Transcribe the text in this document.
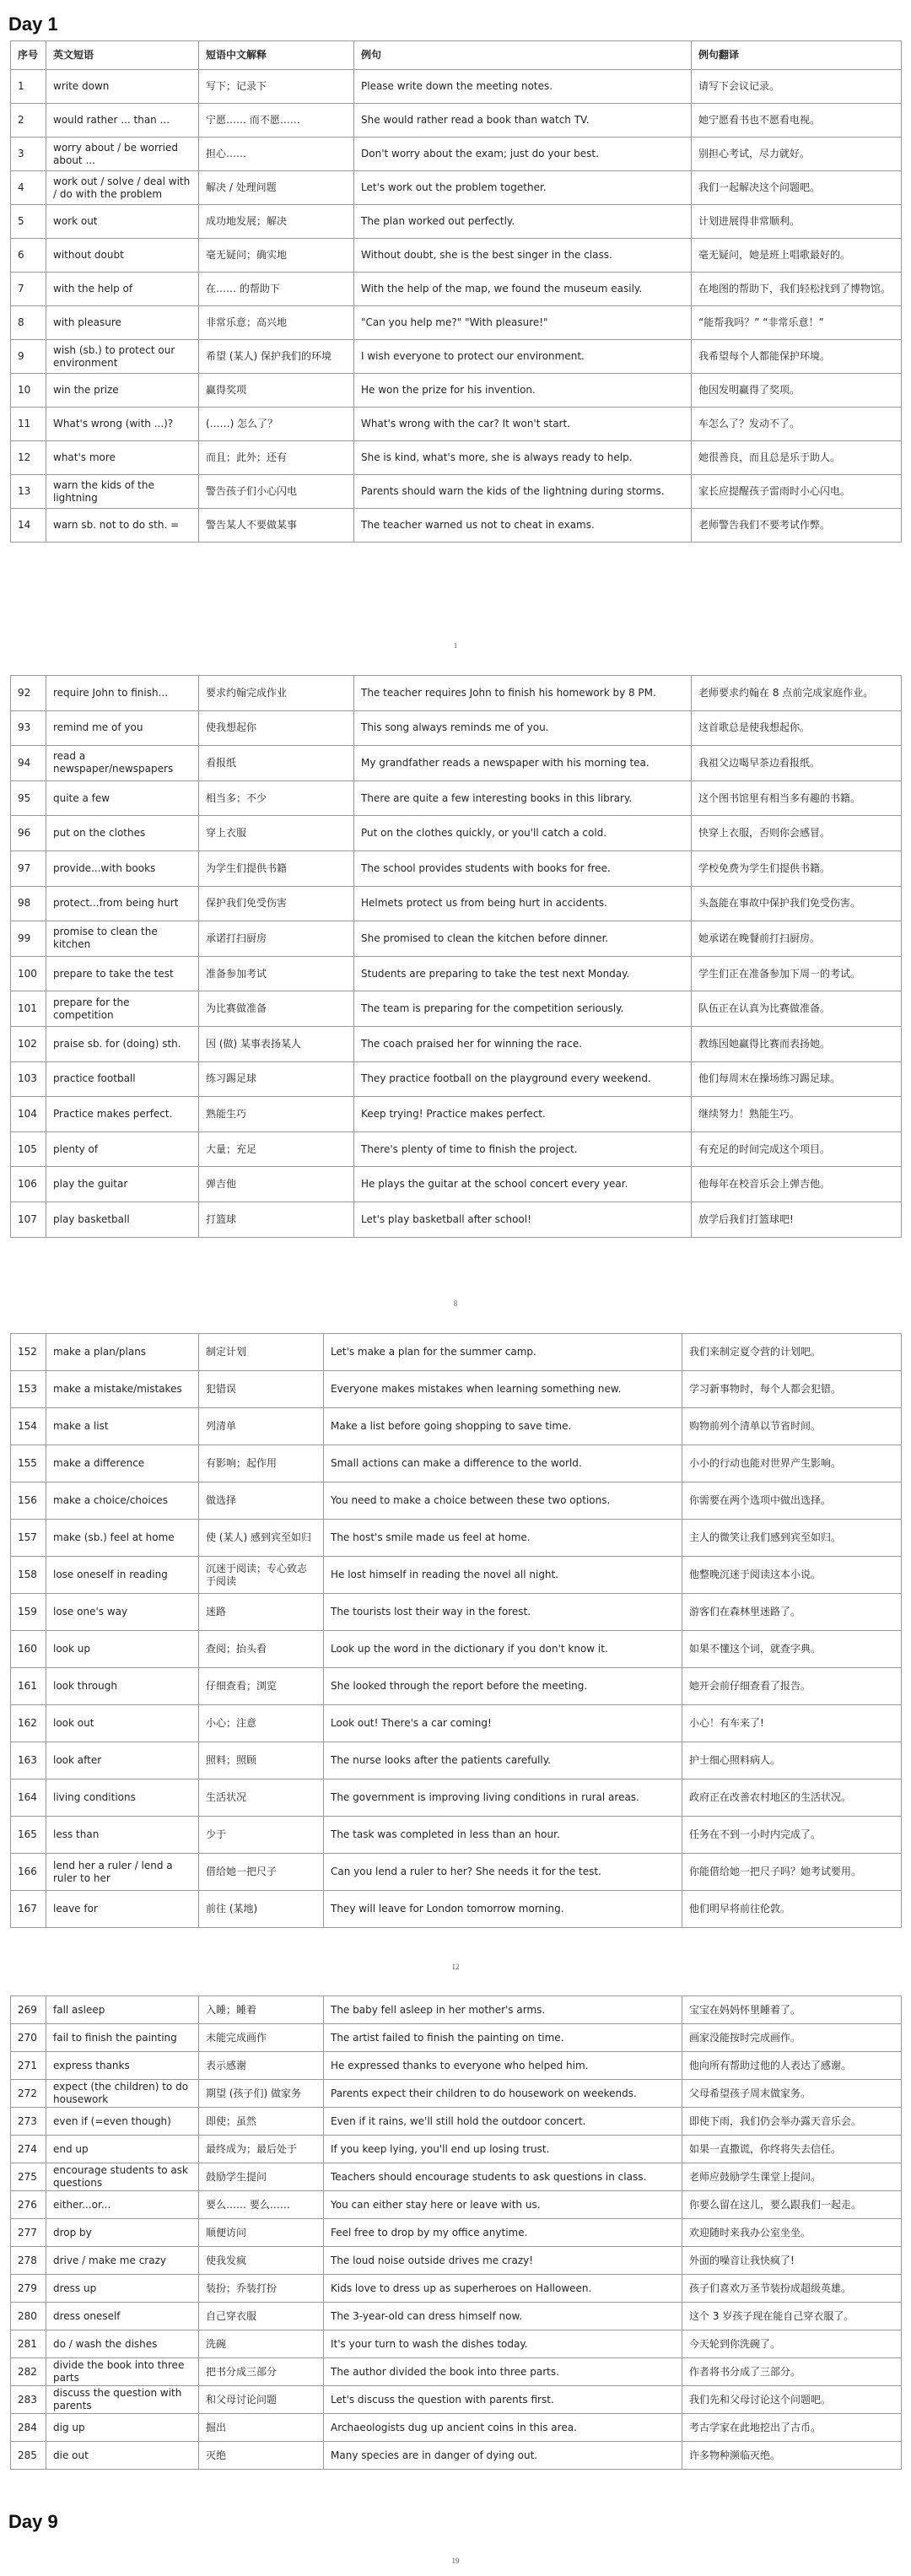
Day 1
序号	英文短语	短语中文解释	例句	例句翻译
1	write down	写下；记录下	Please write down the meeting notes.	请写下会议记录。
2	would rather ... than ...	宁愿…… 而不愿……	She would rather read a book than watch TV.	她宁愿看书也不愿看电视。
3	worry about / be worried about ...	担心……	Don't worry about the exam; just do your best.	别担心考试，尽力就好。
4	work out / solve / deal with / do with the problem	解决 / 处理问题	Let's work out the problem together.	我们一起解决这个问题吧。
5	work out	成功地发展；解决	The plan worked out perfectly.	计划进展得非常顺利。
6	without doubt	毫无疑问；确实地	Without doubt, she is the best singer in the class.	毫无疑问，她是班上唱歌最好的。
7	with the help of	在…… 的帮助下	With the help of the map, we found the museum easily.	在地图的帮助下，我们轻松找到了博物馆。
8	with pleasure	非常乐意；高兴地	"Can you help me?" "With pleasure!"	“能帮我吗？” “非常乐意！”
9	wish (sb.) to protect our environment	希望 (某人) 保护我们的环境	I wish everyone to protect our environment.	我希望每个人都能保护环境。
10	win the prize	赢得奖项	He won the prize for his invention.	他因发明赢得了奖项。
11	What's wrong (with ...)?	(……) 怎么了？	What's wrong with the car? It won't start.	车怎么了？发动不了。
12	what's more	而且；此外；还有	She is kind, what's more, she is always ready to help.	她很善良，而且总是乐于助人。
13	warn the kids of the lightning	警告孩子们小心闪电	Parents should warn the kids of the lightning during storms.	家长应提醒孩子雷雨时小心闪电。
14	warn sb. not to do sth. =	警告某人不要做某事	The teacher warned us not to cheat in exams.	老师警告我们不要考试作弊。
1
92	require John to finish...	要求约翰完成作业	The teacher requires John to finish his homework by 8 PM.	老师要求约翰在 8 点前完成家庭作业。
93	remind me of you	使我想起你	This song always reminds me of you.	这首歌总是使我想起你。
94	read a newspaper/newspapers	看报纸	My grandfather reads a newspaper with his morning tea.	我祖父边喝早茶边看报纸。
95	quite a few	相当多；不少	There are quite a few interesting books in this library.	这个图书馆里有相当多有趣的书籍。
96	put on the clothes	穿上衣服	Put on the clothes quickly, or you'll catch a cold.	快穿上衣服，否则你会感冒。
97	provide...with books	为学生们提供书籍	The school provides students with books for free.	学校免费为学生们提供书籍。
98	protect...from being hurt	保护我们免受伤害	Helmets protect us from being hurt in accidents.	头盔能在事故中保护我们免受伤害。
99	promise to clean the kitchen	承诺打扫厨房	She promised to clean the kitchen before dinner.	她承诺在晚餐前打扫厨房。
100	prepare to take the test	准备参加考试	Students are preparing to take the test next Monday.	学生们正在准备参加下周一的考试。
101	prepare for the competition	为比赛做准备	The team is preparing for the competition seriously.	队伍正在认真为比赛做准备。
102	praise sb. for (doing) sth.	因 (做) 某事表扬某人	The coach praised her for winning the race.	教练因她赢得比赛而表扬她。
103	practice football	练习踢足球	They practice football on the playground every weekend.	他们每周末在操场练习踢足球。
104	Practice makes perfect.	熟能生巧	Keep trying! Practice makes perfect.	继续努力！熟能生巧。
105	plenty of	大量；充足	There's plenty of time to finish the project.	有充足的时间完成这个项目。
106	play the guitar	弹吉他	He plays the guitar at the school concert every year.	他每年在校音乐会上弹吉他。
107	play basketball	打篮球	Let's play basketball after school!	放学后我们打篮球吧!
8
152	make a plan/plans	制定计划	Let's make a plan for the summer camp.	我们来制定夏令营的计划吧。
153	make a mistake/mistakes	犯错误	Everyone makes mistakes when learning something new.	学习新事物时，每个人都会犯错。
154	make a list	列清单	Make a list before going shopping to save time.	购物前列个清单以节省时间。
155	make a difference	有影响；起作用	Small actions can make a difference to the world.	小小的行动也能对世界产生影响。
156	make a choice/choices	做选择	You need to make a choice between these two options.	你需要在两个选项中做出选择。
157	make (sb.) feel at home	使 (某人) 感到宾至如归	The host's smile made us feel at home.	主人的微笑让我们感到宾至如归。
158	lose oneself in reading	沉迷于阅读；专心致志于阅读	He lost himself in reading the novel all night.	他整晚沉迷于阅读这本小说。
159	lose one's way	迷路	The tourists lost their way in the forest.	游客们在森林里迷路了。
160	look up	查阅；抬头看	Look up the word in the dictionary if you don't know it.	如果不懂这个词，就查字典。
161	look through	仔细查看；浏览	She looked through the report before the meeting.	她开会前仔细查看了报告。
162	look out	小心；注意	Look out! There's a car coming!	小心！有车来了!
163	look after	照料；照顾	The nurse looks after the patients carefully.	护士细心照料病人。
164	living conditions	生活状况	The government is improving living conditions in rural areas.	政府正在改善农村地区的生活状况。
165	less than	少于	The task was completed in less than an hour.	任务在不到一小时内完成了。
166	lend her a ruler / lend a ruler to her	借给她一把尺子	Can you lend a ruler to her? She needs it for the test.	你能借给她一把尺子吗？她考试要用。
167	leave for	前往 (某地)	They will leave for London tomorrow morning.	他们明早将前往伦敦。
12
269	fall asleep	入睡；睡着	The baby fell asleep in her mother's arms.	宝宝在妈妈怀里睡着了。
270	fail to finish the painting	未能完成画作	The artist failed to finish the painting on time.	画家没能按时完成画作。
271	express thanks	表示感谢	He expressed thanks to everyone who helped him.	他向所有帮助过他的人表达了感谢。
272	expect (the children) to do housework	期望 (孩子们) 做家务	Parents expect their children to do housework on weekends.	父母希望孩子周末做家务。
273	even if (=even though)	即使；虽然	Even if it rains, we'll still hold the outdoor concert.	即使下雨，我们仍会举办露天音乐会。
274	end up	最终成为；最后处于	If you keep lying, you'll end up losing trust.	如果一直撒谎，你终将失去信任。
275	encourage students to ask questions	鼓励学生提问	Teachers should encourage students to ask questions in class.	老师应鼓励学生课堂上提问。
276	either...or...	要么…… 要么……	You can either stay here or leave with us.	你要么留在这儿，要么跟我们一起走。
277	drop by	顺便访问	Feel free to drop by my office anytime.	欢迎随时来我办公室坐坐。
278	drive / make me crazy	使我发疯	The loud noise outside drives me crazy!	外面的噪音让我快疯了!
279	dress up	装扮；乔装打扮	Kids love to dress up as superheroes on Halloween.	孩子们喜欢万圣节装扮成超级英雄。
280	dress oneself	自己穿衣服	The 3-year-old can dress himself now.	这个 3 岁孩子现在能自己穿衣服了。
281	do / wash the dishes	洗碗	It's your turn to wash the dishes today.	今天轮到你洗碗了。
282	divide the book into three parts	把书分成三部分	The author divided the book into three parts.	作者将书分成了三部分。
283	discuss the question with parents	和父母讨论问题	Let's discuss the question with parents first.	我们先和父母讨论这个问题吧。
284	dig up	掘出	Archaeologists dug up ancient coins in this area.	考古学家在此地挖出了古币。
285	die out	灭绝	Many species are in danger of dying out.	许多物种濒临灭绝。
Day 9
19
